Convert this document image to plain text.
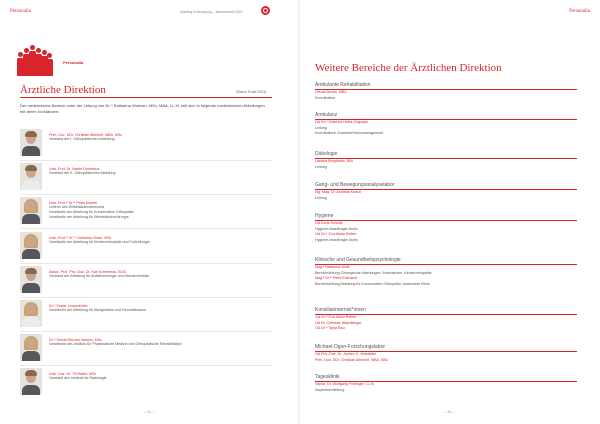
Personalia	Speising in Bewegung – Jahresbericht 2023
Personalia
Ärztliche Direktion	(Stand: Ende 2023)
Der medizinische Bereich unter der Leitung von Dr.ⁱⁿ Katharina Wolman, MSc, MBA, LL.M. teilt sich in folgende medizinischen Abteilungen mit deren Vorständen:
Prim. Doz. DDr. Christian Albrecht, MBA, MSc
Vorstand der I. Orthopädischen Abteilung
Univ.-Prof. Dr. Martin Dominkus
Vorstand der II. Orthopädischen Abteilung
Univ.-Prof.ⁱⁿ Dr.ⁱⁿ Petra Krepler
Leiterin des Wirbelsäulenzentrums
Vorständin der Abteilung für Konservative Orthopädie
Vorständin der Abteilung für Wirbelsäulenchirurgie
Univ.-Prof.ⁱⁿ Dr.ⁱⁿ Catharina Chiari, MSc
Vorständin der Abteilung für Kinderorthopädie und Fußchirurgie
Assoc. Prof. Priv.-Doz. Dr. Karl Schebesta, EDIC
Vorstand der Abteilung für Anästhesiologie und Intensivmedizin
Dr.ⁱⁿ Eszter Lenzenhofer
Vorständin der Abteilung für Akutgeriatrie und Remobilisation
Dr.ⁱⁿ Gerda Reichel-Vacariu, MSc
Vorständin des Instituts für Physikalische Medizin und Orthopädische Rehabilitation
Univ.-Doz. Dr. Till Rader, MSc
Vorstand des Instituts für Radiologie
— 34 —
Personalia
Weitere Bereiche der Ärztlichen Direktion
Ambulante Rehabilitation
Ursula Bendo, MBA
Koordination
Ambulanz
OA Dr.ⁱⁿ Gabriela Heinz-Grigorjan
Leitung
Koordinatorin Zuweiser*innenmanagement
Diätologie
Daniela Bergthaler, BSc
Leitung
Gang- und Bewegungsanalyselabor
Ing. Mag. Dr. Andreas Kranzl
Leitung
Hygiene
OA Doris Schunk
Hygiene-beauftragte Ärztin
OA Dr.ⁱⁿ Eva-Maria Reitter
Hygiene-beauftragte Ärztin
Klinische und Gesundheitspsychologie
Mag.ᵃ Natascha Wolk
Bereichsleitung Chirurgische Abteilungen, Ambulanzen, Kinderorthopädie
Mag.ᵃ Dr.ⁱⁿ Petra Eckhardt
Bereichsleitung Abteilung für Konservative Orthopädie, Ambulante Reha
Konsiliarinternist*innen
OA Dr.ⁱⁿ Eva-Maria Reitter
OA Dr. Christian Wakolbinger
OA Dr.ⁱⁿ Tanja Rau
Michael-Ogon-Forschungslabor
OA Priv.-Doz. Dr. Jochen G. Hofstätter
Prim. Doz. DDr. Christian Albrecht, MBA, MSc
Tagesklinik
Sepdz. Dr. Wolfgang Freilinger, LL.M.
Departmentleitung
— 35 —
